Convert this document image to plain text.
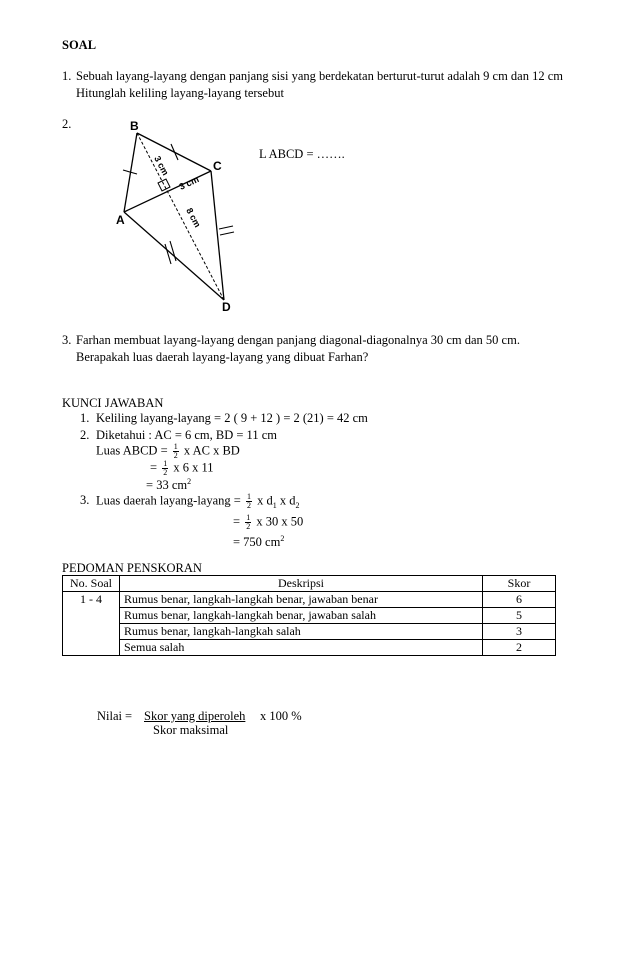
SOAL
1. Sebuah layang-layang dengan panjang sisi yang berdekatan berturut-turut adalah 9 cm dan 12 cm
Hitunglah keliling layang-layang tersebut
2.
L ABCD = …….
B
C
A
D
3 cm
3 cm
8 cm
3. Farhan membuat layang-layang dengan panjang diagonal-diagonalnya 30 cm dan 50 cm.
Berapakah luas daerah layang-layang yang dibuat Farhan?
KUNCI JAWABAN
1. Keliling layang-layang = 2 ( 9 + 12 ) = 2 (21) = 42 cm
2. Diketahui : AC = 6 cm, BD = 11 cm
Luas ABCD = $\frac{1}{2}$ x AC x BD
= $\frac{1}{2}$ x 6 x 11
= 33 $cm^2$
3. Luas daerah layang-layang = $\frac{1}{2}$ x $d_1$ x $d_2$
= $\frac{1}{2}$ x 30 x 50
= 750 $cm^2$
PEDOMAN PENSKORAN
No. Soal	Deskripsi	Skor
1 - 4	Rumus benar, langkah-langkah benar, jawaban benar	6
	Rumus benar, langkah-langkah benar, jawaban salah	5
	Rumus benar, langkah-langkah salah	3
	Semua salah	2
Nilai = Skor yang diperoleh x 100 %
Skor maksimal
